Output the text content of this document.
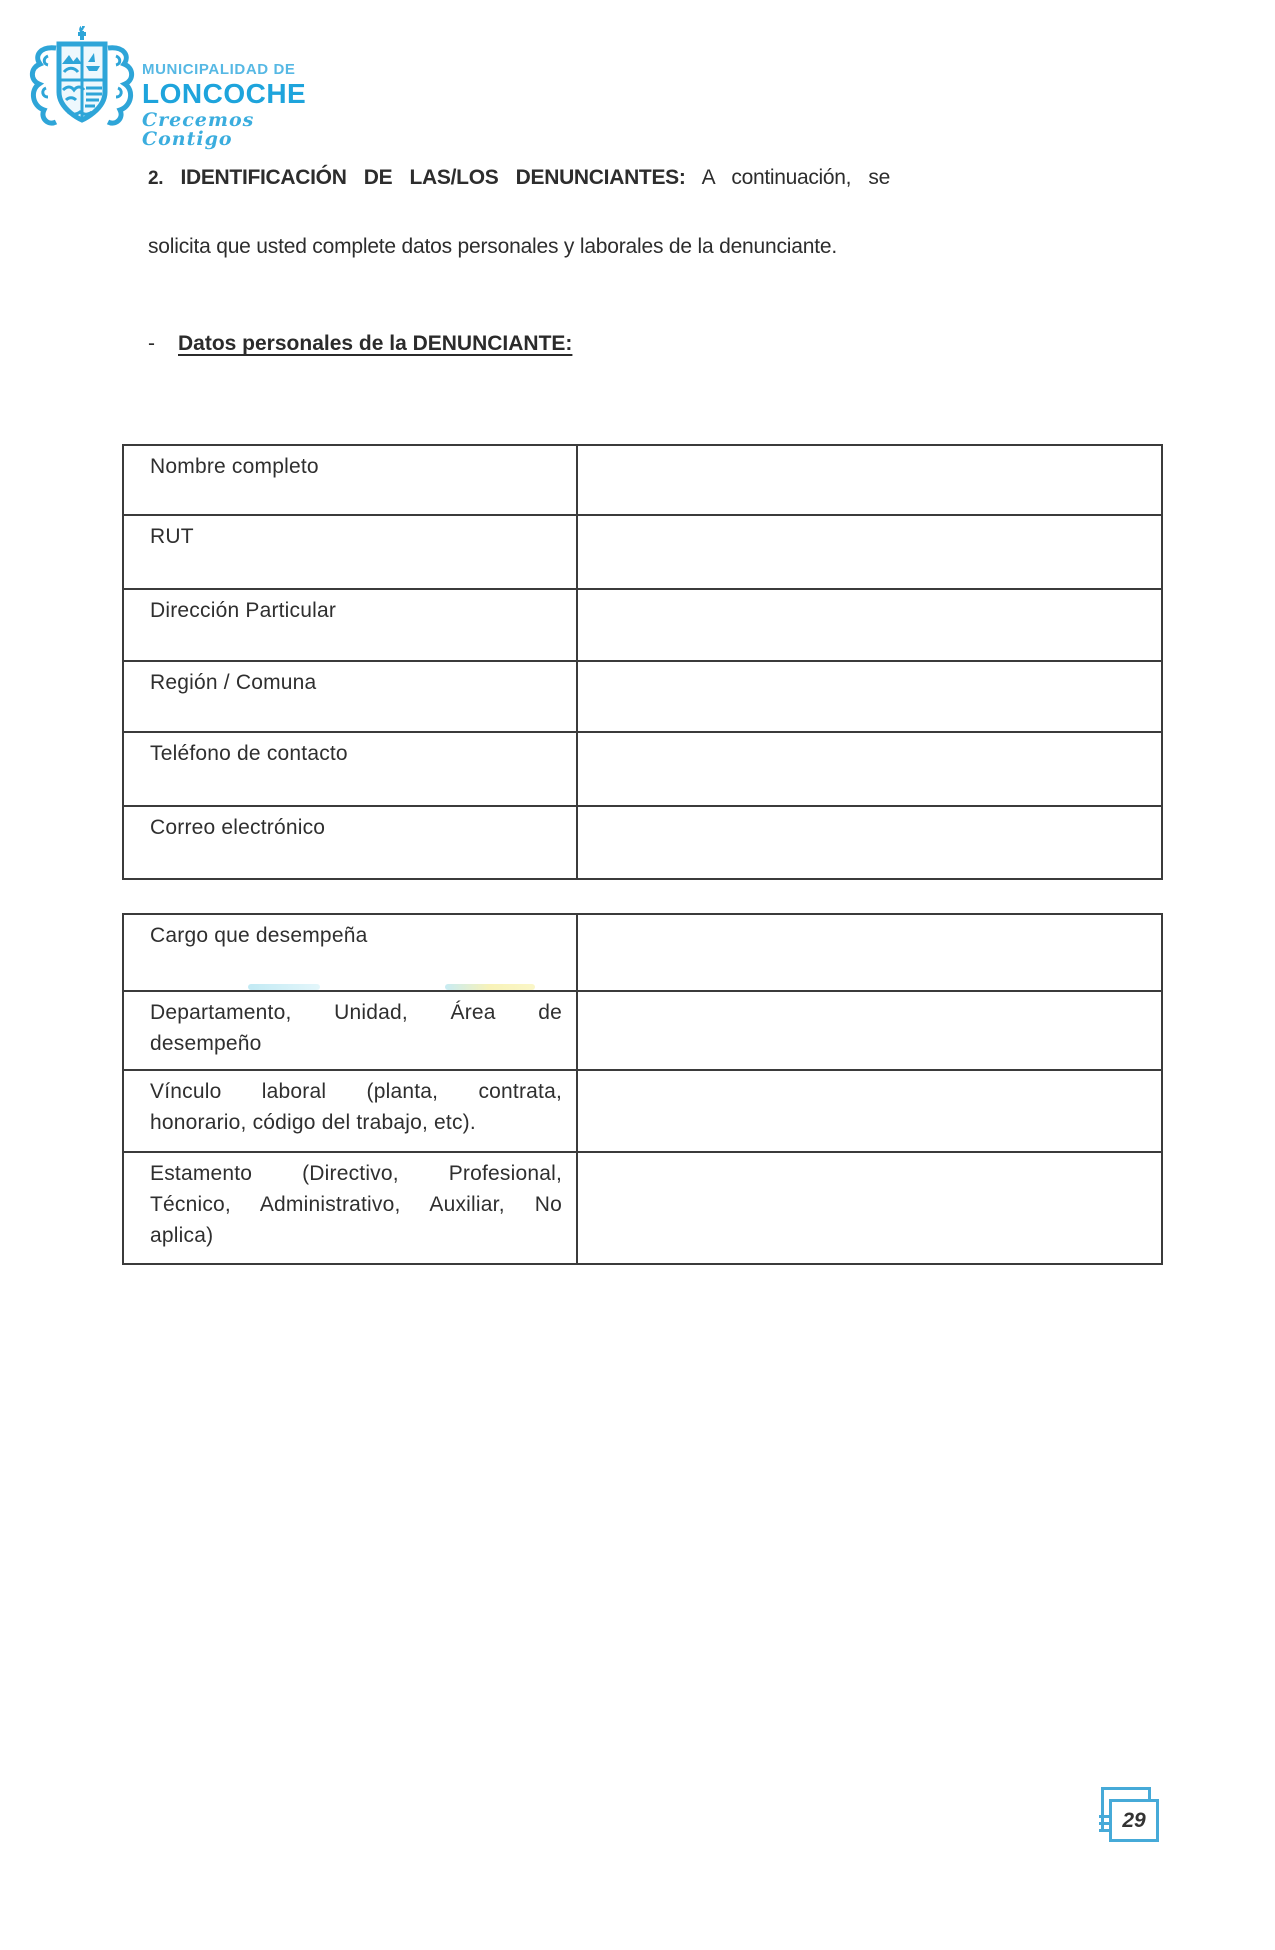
MUNICIPALIDAD DE
LONCOCHE
Crecemos Contigo
2. IDENTIFICACIÓN DE LAS/LOS DENUNCIANTES: A continuación, se
solicita que usted complete datos personales y laborales de la denunciante.
- Datos personales de la DENUNCIANTE:
Nombre completo
RUT
Dirección Particular
Región / Comuna
Teléfono de contacto
Correo electrónico
Cargo que desempeña
Departamento, Unidad, Área de
desempeño
Vínculo laboral (planta, contrata,
honorario, código del trabajo, etc).
Estamento (Directivo, Profesional,
Técnico, Administrativo, Auxiliar, No
aplica)
29
